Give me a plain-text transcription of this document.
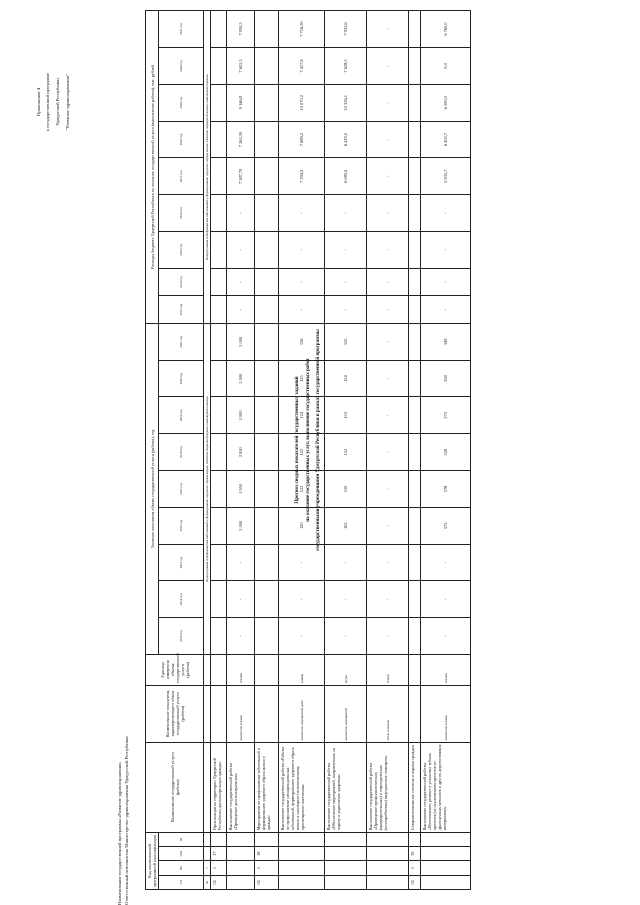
Приложение 4 к государственной программе Удмуртской Республики "Развитие здравоохранения"

Прогноз сводных показателей государственных заданий на оказание государственных услуг, выполнение государственных работ государственными учреждениями Удмуртской Республики в рамках государственной программы

Наименование государственной программы «Развитие здравоохранения» Ответственный исполнитель Министерство здравоохранения Удмуртской Республики	Код аналитической программной классификации				Наименование государственной услуги (работы)	Наименование показателя, характеризующего объем государственной услуги (работы)	Единица измерения объема государственной услуги (работы)	Значение показателя объема государственной услуги (работы), год									Расходы бюджета Удмуртской Республики на оказание государственной услуги (выполнение работы), тыс. рублей								
ГП	Пп	ОМ	М				2013 год	2014 год	2015 год	2016 год	2017 год	2018 год	2019 год	2020 год	2021 год	2013 год	2014 год	2015 год	2016 год	2017 год	2018 год	2019 год	2020 год	2021 год
02	1						Подпрограмма «Профилактика заболеваний и формирование здорового образа жизни. Развитие первичной медико-санитарной помощи»									Подпрограмма «Профилактика заболеваний и формирование здорового образа жизни. Развитие первичной медико-санитарной помощи»								
02	1	17		Организация на территории Удмуртской Республики диспансеризации граждан																				
				Выполнение государственной работы «Проведение диспансеризации»	количество человек	человек	-	-	-	2 000	1 950	2 000	2 000	2 000	2 000	-	-	-	-	7 387,70	7 263,30	9 146,8	7 625,3	7 930,5
02	1	18		Мероприятия по профилактике заболеваний и формированию здорового образа жизни у граждан																				
				Выполнение государственной работы «Работы по профилактике неинфекционных заболеваний, формированию здорового образа жизни и санитарно-гигиеническому просвещению населения»	количество мероприятий, работ	единиц	-	-	-	120	122	123	124	125	126	-	-	-	-	7 294,9	7 689,2	10 070,2	7 417,9	7 716,50
				Выполнение государственной работы «Обеспечение мероприятий, направленных на охрану и укрепление здоровья»	количество мероприятий	штука	-	-	-	102	150	152	153	154	155	-	-	-	-	6 083,0	6 419,5	10 356,1	7 628,5	7 933,6
				Выполнение государственной работы «Проведение профилактических (предварительных) и периодических (послерейсовых) медицинских осмотров»	число осмотров	осмотр	-	-	-	-	-	-	-	-	-	-	-	-	-	-	-	-	-	-
02	1	19		Совершенствование гигиены и охраны граждан																				
				Выполнение государственной работы «Изготовление, ремонт и установка зубных протезов (за исключением протезов из драгоценных металлов и других дорогостоящих материалов)»	количество человек	человек	-	-	-	572	578	559	373	358	349	-	-	-	-	5 935,7	6 403,7	6 500,0	0,0	6 760,0
